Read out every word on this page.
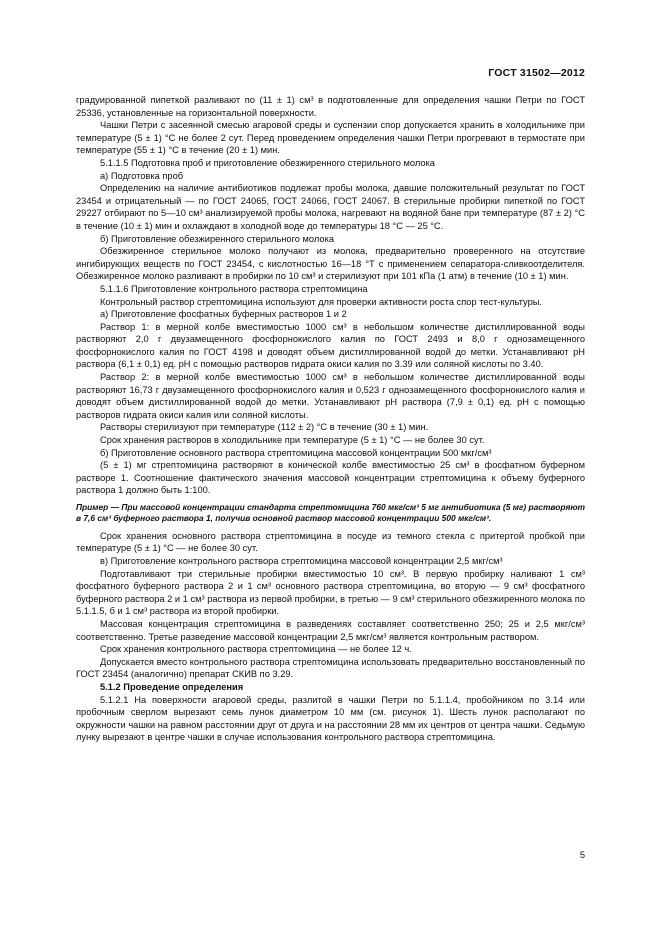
ГОСТ 31502—2012

градуированной пипеткой разливают по (11 ± 1) см³ в подготовленные для определения чашки Петри по ГОСТ 25336, установленные на горизонтальной поверхности.

Чашки Петри с засеянной смесью агаровой среды и суспензии спор допускается хранить в холодильнике при температуре (5 ± 1) °С не более 2 сут. Перед проведением определения чашки Петри прогревают в термостате при температуре (55 ± 1) °С в течение (20 ± 1) мин.

5.1.1.5 Подготовка проб и приготовление обезжиренного стерильного молока

а) Подготовка проб

Определению на наличие антибиотиков подлежат пробы молока, давшие положительный результат по ГОСТ 23454 и отрицательный — по ГОСТ 24065, ГОСТ 24066, ГОСТ 24067. В стерильные пробирки пипеткой по ГОСТ 29227 отбирают по 5—10 см³ анализируемой пробы молока, нагревают на водяной бане при температуре (87 ± 2) °С в течение (10 ± 1) мин и охлаждают в холодной воде до температуры 18 °С — 25 °С.

б) Приготовление обезжиренного стерильного молока

Обезжиренное стерильное молоко получают из молока, предварительно проверенного на отсутствие ингибирующих веществ по ГОСТ 23454, с кислотностью 16—18 °Т с применением сепаратора-сливкоотделителя. Обезжиренное молоко разливают в пробирки по 10 см³ и стерилизуют при 101 кПа (1 атм) в течение (10 ± 1) мин.

5.1.1.6 Приготовление контрольного раствора стрептомицина

Контрольный раствор стрептомицина используют для проверки активности роста спор тест-культуры.

а) Приготовление фосфатных буферных растворов 1 и 2

Раствор 1: в мерной колбе вместимостью 1000 см³ в небольшом количестве дистиллированной воды растворяют 2,0 г двузамещенного фосфорнокислого калия по ГОСТ 2493 и 8,0 г однозамещенного фосфорнокислого калия по ГОСТ 4198 и доводят объем дистиллированной водой до метки. Устанавливают рН раствора (6,1 ± 0,1) ед. рН с помощью растворов гидрата окиси калия по 3.39 или соляной кислоты по 3.40.

Раствор 2: в мерной колбе вместимостью 1000 см³ в небольшом количестве дистиллированной воды растворяют 16,73 г двузамещенного фосфорнокислого калия и 0,523 г однозамещенного фосфорнокислого калия и доводят объем дистиллированной водой до метки. Устанавливают рН раствора (7,9 ± 0,1) ед. рН с помощью растворов гидрата окиси калия или соляной кислоты.

Растворы стерилизуют при температуре (112 ± 2) °С в течение (30 ± 1) мин.

Срок хранения растворов в холодильнике при температуре (5 ± 1) °С — не более 30 сут.

б) Приготовление основного раствора стрептомицина массовой концентрации 500 мкг/см³

(5 ± 1) мг стрептомицина растворяют в конической колбе вместимостью 25 см³ в фосфатном буферном растворе 1. Соотношение фактического значения массовой концентрации стрептомицина к объему буферного раствора 1 должно быть 1:100.

Пример — При массовой концентрации стандарта стрептомицина 760 мкг/см³ 5 мг антибиотика (5 мг) растворяют в 7,6 см³ буферного раствора 1, получив основной раствор массовой концентрации 500 мкг/см³.

Срок хранения основного раствора стрептомицина в посуде из темного стекла с притертой пробкой при температуре (5 ± 1) °С — не более 30 сут.

в) Приготовление контрольного раствора стрептомицина массовой концентрации 2,5 мкг/см³

Подготавливают три стерильные пробирки вместимостью 10 см³. В первую пробирку наливают 1 см³ фосфатного буферного раствора 2 и 1 см³ основного раствора стрептомицина, во вторую — 9 см³ фосфатного буферного раствора 2 и 1 см³ раствора из первой пробирки, в третью — 9 см³ стерильного обезжиренного молока по 5.1.1.5, б и 1 см³ раствора из второй пробирки.

Массовая концентрация стрептомицина в разведениях составляет соответственно 250; 25 и 2,5 мкг/см³ соответственно. Третье разведение массовой концентрации 2,5 мкг/см³ является контрольным раствором.

Срок хранения контрольного раствора стрептомицина — не более 12 ч.

Допускается вместо контрольного раствора стрептомицина использовать предварительно восстановленный по ГОСТ 23454 (аналогично) препарат СКИВ по 3.29.

5.1.2 Проведение определения

5.1.2.1 На поверхности агаровой среды, разлитой в чашки Петри по 5.1.1.4, пробойником по 3.14 или пробочным сверлом вырезают семь лунок диаметром 10 мм (см. рисунок 1). Шесть лунок располагают по окружности чашки на равном расстоянии друг от друга и на расстоянии 28 мм их центров от центра чашки. Седьмую лунку вырезают в центре чашки в случае использования контрольного раствора стрептомицина.

5
